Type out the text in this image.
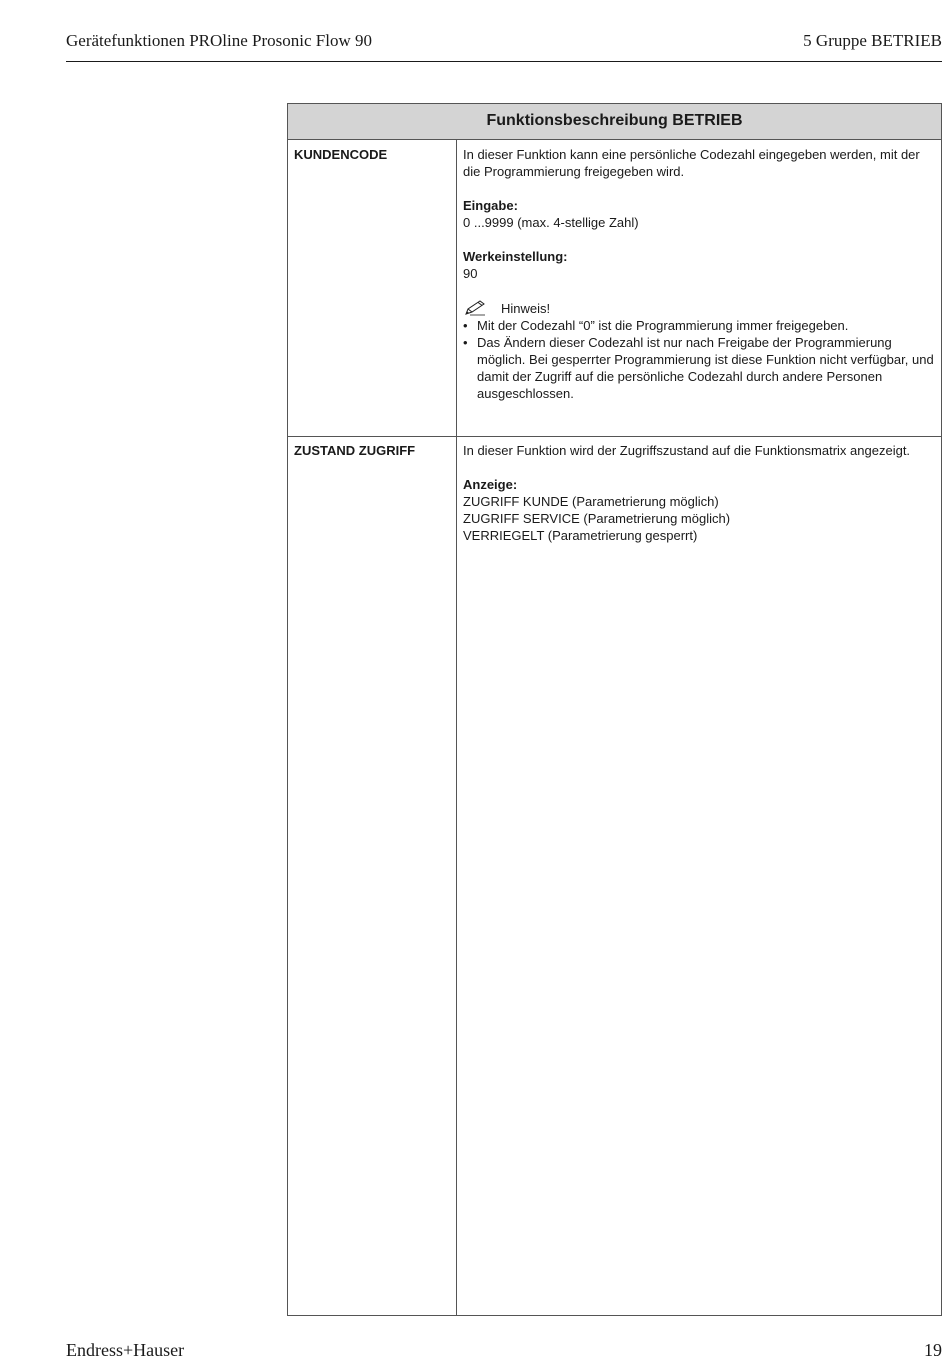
Gerätefunktionen PROline Prosonic Flow 90	5 Gruppe BETRIEB
Funktionsbeschreibung BETRIEB
KUNDENCODE	In dieser Funktion kann eine persönliche Codezahl eingegeben werden, mit der die Programmierung freigegeben wird.

Eingabe:

0 ...9999 (max. 4-stellige Zahl)

Werkeinstellung:

90

Hinweis!
• Mit der Codezahl “0” ist die Programmierung immer freigegeben.
• Das Ändern dieser Codezahl ist nur nach Freigabe der Programmierung möglich. Bei gesperrter Programmierung ist diese Funktion nicht verfügbar, und damit der Zugriff auf die persönliche Codezahl durch andere Personen ausgeschlossen.
ZUSTAND ZUGRIFF	In dieser Funktion wird der Zugriffszustand auf die Funktionsmatrix angezeigt.

Anzeige:

ZUGRIFF KUNDE (Parametrierung möglich)

ZUGRIFF SERVICE (Parametrierung möglich)

VERRIEGELT (Parametrierung gesperrt)

Endress+Hauser	19
